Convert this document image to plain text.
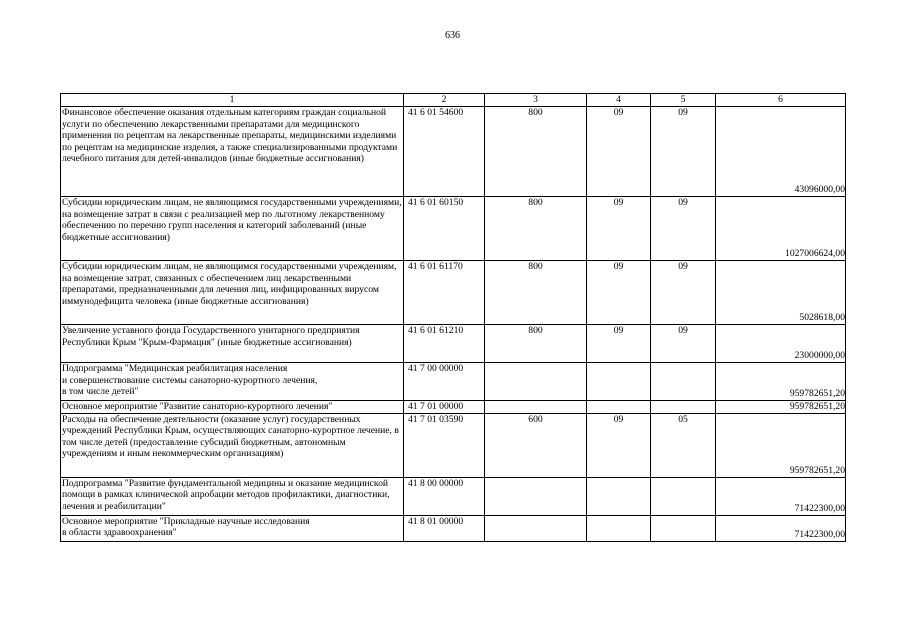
636
1	2	3	4	5	6
Финансовое обеспечение оказания отдельным категориям граждан социальной услуги по обеспечению лекарственными препаратами для медицинского применения по рецептам на лекарственные препараты, медицинскими изделиями по рецептам на медицинские изделия, а также специализированными продуктами лечебного питания для детей-инвалидов (иные бюджетные ассигнования)	41 6 01 54600	800	09	09	43096000,00
Субсидии юридическим лицам, не являющимся государственными учреждениями, на возмещение затрат в связи с реализацией мер по льготному лекарственному обеспечению по перечню групп населения и категорий заболеваний (иные бюджетные ассигнования)	41 6 01 60150	800	09	09	1027006624,00
Субсидии юридическим лицам, не являющимся государственными учреждениям, на возмещение затрат, связанных с обеспечением лиц лекарственными препаратами, предназначенными для лечения лиц, инфицированных вирусом иммунодефицита человека (иные бюджетные ассигнования)	41 6 01 61170	800	09	09	5028618,00
Увеличение уставного фонда Государственного унитарного предприятия Республики Крым "Крым-Фармация" (иные бюджетные ассигнования)	41 6 01 61210	800	09	09	23000000,00
Подпрограмма "Медицинская реабилитация населения
и совершенствование системы санаторно-курортного лечения,
в том числе детей"	41 7 00 00000				959782651,20
Основное мероприятие "Развитие санаторно-курортного лечения"	41 7 01 00000				959782651,20
Расходы на обеспечение деятельности (оказание услуг) государственных учреждений Республики Крым, осуществляющих санаторно-курортное лечение, в том числе детей (предоставление субсидий бюджетным, автономным учреждениям и иным некоммерческим организациям)	41 7 01 03590	600	09	05	959782651,20
Подпрограмма "Развитие фундаментальной медицины и оказание медицинской помощи в рамках клинической апробации методов профилактики, диагностики, лечения и реабилитации"	41 8 00 00000				71422300,00
Основное мероприятие "Прикладные научные исследования
в области здравоохранения"	41 8 01 00000				71422300,00
